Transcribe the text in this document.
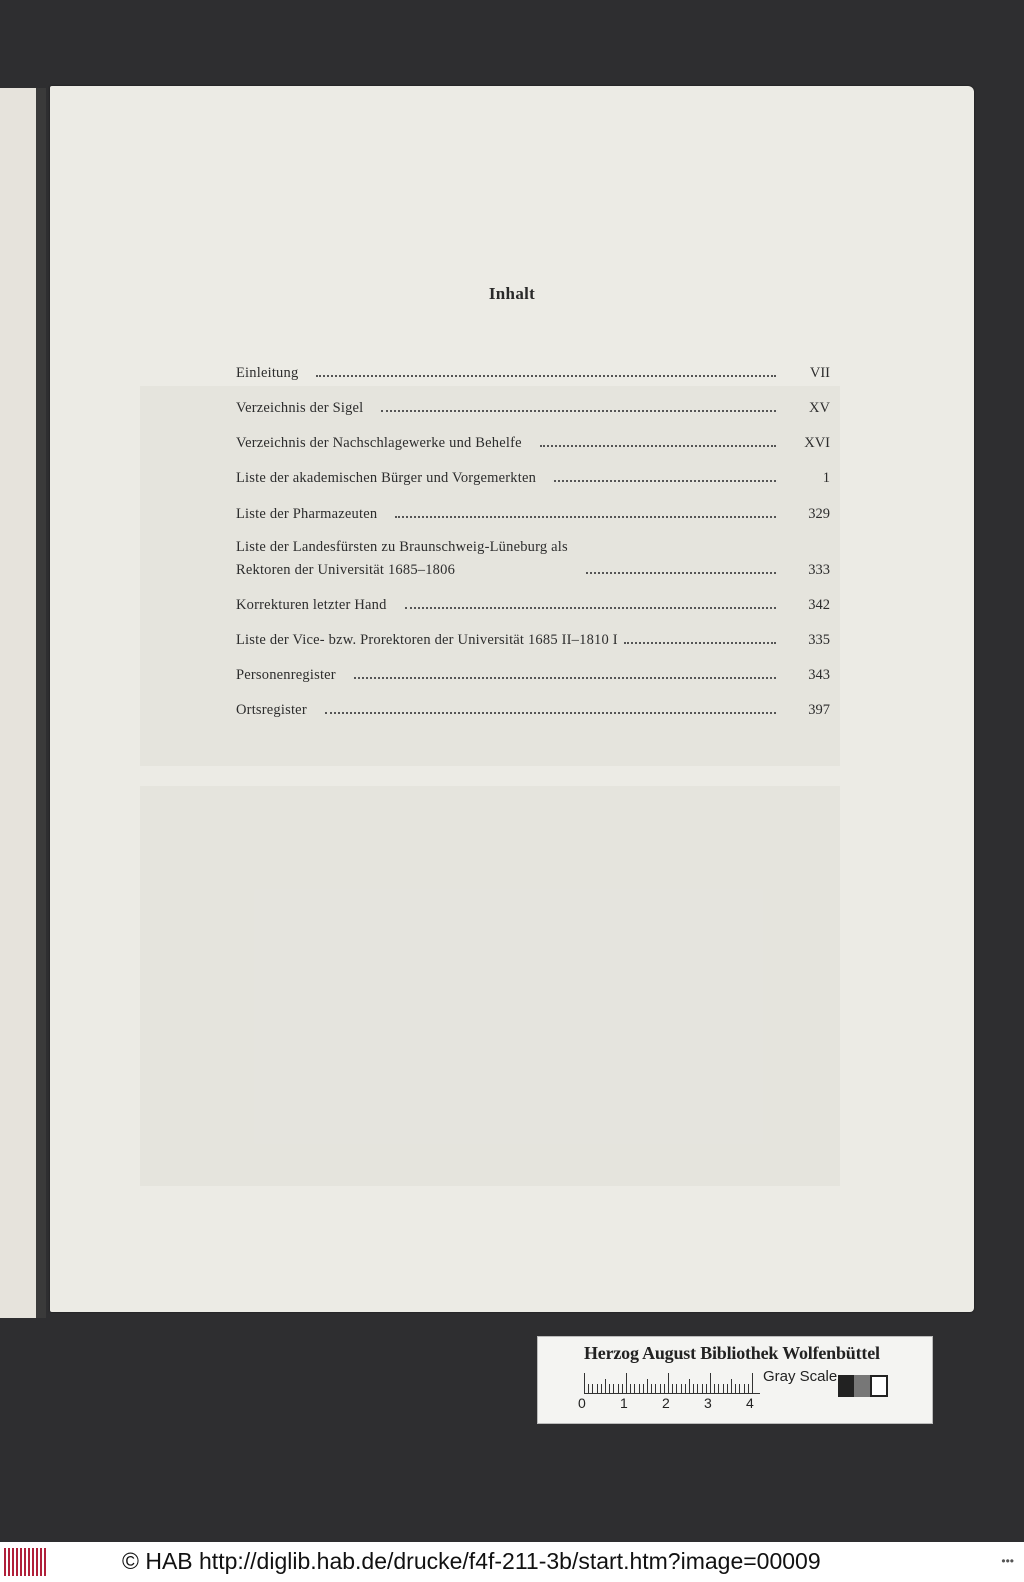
Inhalt
Einleitung	VII
Verzeichnis der Sigel	XV
Verzeichnis der Nachschlagewerke und Behelfe	XVI
Liste der akademischen Bürger und Vorgemerkten	1
Liste der Pharmazeuten	329
Liste der Landesfürsten zu Braunschweig-Lüneburg als
Rektoren der Universität 1685–1806	333
Korrekturen letzter Hand	342
Liste der Vice- bzw. Prorektoren der Universität 1685 II–1810 I	335
Personenregister	343
Ortsregister	397
Herzog August Bibliothek Wolfenbüttel
0 1 2 3 4
Gray Scale
© HAB http://diglib.hab.de/drucke/f4f-211-3b/start.htm?image=00009	•••
